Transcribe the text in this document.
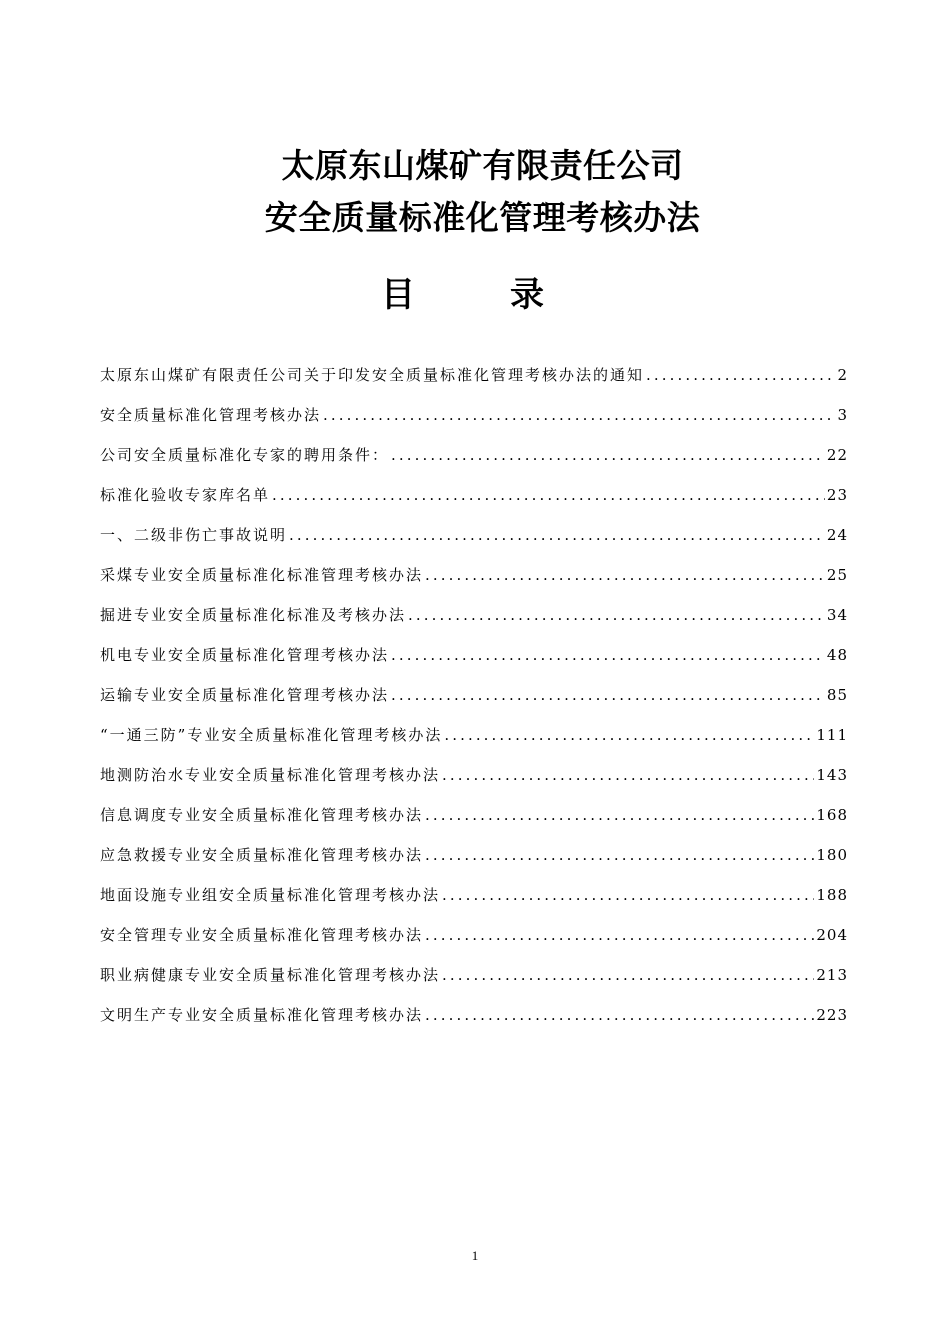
太原东山煤矿有限责任公司
安全质量标准化管理考核办法
目录
太原东山煤矿有限责任公司关于印发安全质量标准化管理考核办法的通知 .....	2
安全质量标准化管理考核办法 .....	3
公司安全质量标准化专家的聘用条件： .....	22
标准化验收专家库名单 .....	23
一、二级非伤亡事故说明 .....	24
采煤专业安全质量标准化标准管理考核办法 .....	25
掘进专业安全质量标准化标准及考核办法 .....	34
机电专业安全质量标准化管理考核办法 .....	48
运输专业安全质量标准化管理考核办法 .....	85
“一通三防”专业安全质量标准化管理考核办法 .....	111
地测防治水专业安全质量标准化管理考核办法 .....	143
信息调度专业安全质量标准化管理考核办法 .....	168
应急救援专业安全质量标准化管理考核办法 .....	180
地面设施专业组安全质量标准化管理考核办法 .....	188
安全管理专业安全质量标准化管理考核办法 .....	204
职业病健康专业安全质量标准化管理考核办法 .....	213
文明生产专业安全质量标准化管理考核办法 .....	223
1
